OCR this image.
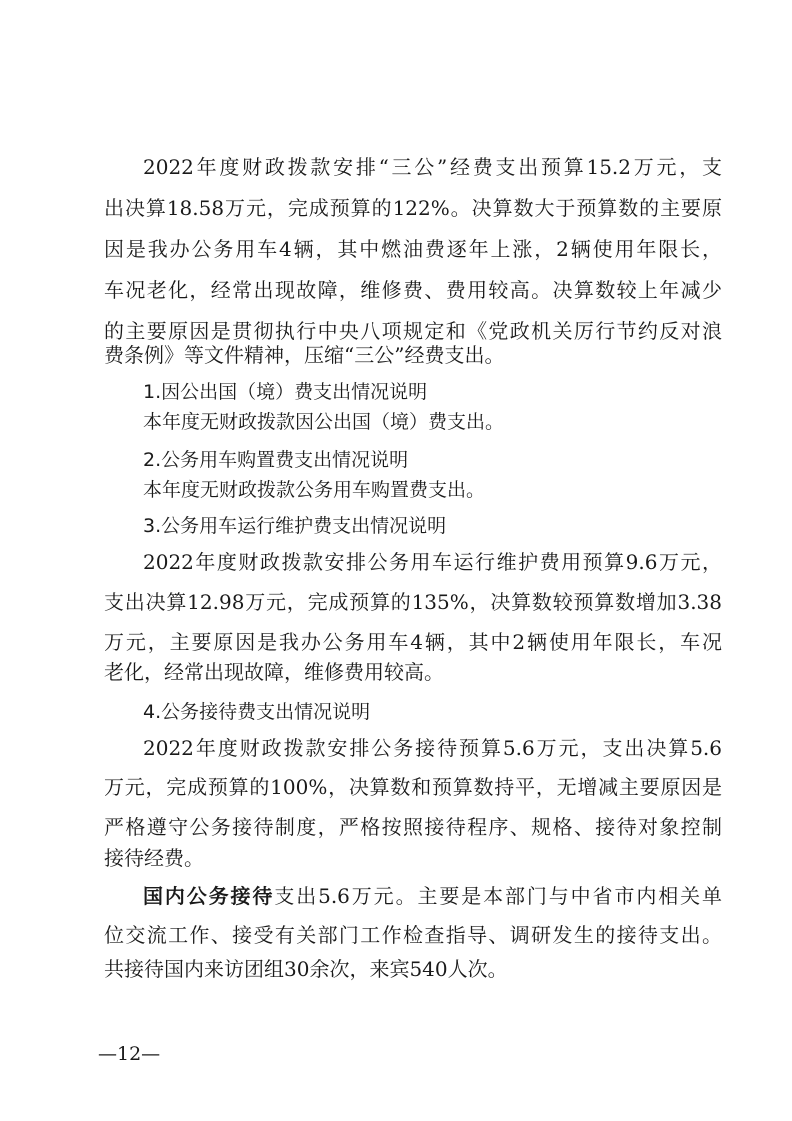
2022年度财政拨款安排“三公”经费支出预算15.2万元，支
出决算18.58万元，完成预算的122%。决算数大于预算数的主要原
因是我办公务用车4辆，其中燃油费逐年上涨，2辆使用年限长，
车况老化，经常出现故障，维修费、费用较高。决算数较上年减少
的主要原因是贯彻执行中央八项规定和《党政机关厉行节约反对浪
费条例》等文件精神，压缩“三公”经费支出。
1.因公出国（境）费支出情况说明
本年度无财政拨款因公出国（境）费支出。
2.公务用车购置费支出情况说明
本年度无财政拨款公务用车购置费支出。
3.公务用车运行维护费支出情况说明
2022年度财政拨款安排公务用车运行维护费用预算9.6万元，
支出决算12.98万元，完成预算的135%，决算数较预算数增加3.38
万元，主要原因是我办公务用车4辆，其中2辆使用年限长，车况
老化，经常出现故障，维修费用较高。
4.公务接待费支出情况说明
2022年度财政拨款安排公务接待预算5.6万元，支出决算5.6
万元，完成预算的100%，决算数和预算数持平，无增减主要原因是
严格遵守公务接待制度，严格按照接待程序、规格、接待对象控制
接待经费。
国内公务接待支出5.6万元。主要是本部门与中省市内相关单
位交流工作、接受有关部门工作检查指导、调研发生的接待支出。
共接待国内来访团组30余次，来宾540人次。
—12—
